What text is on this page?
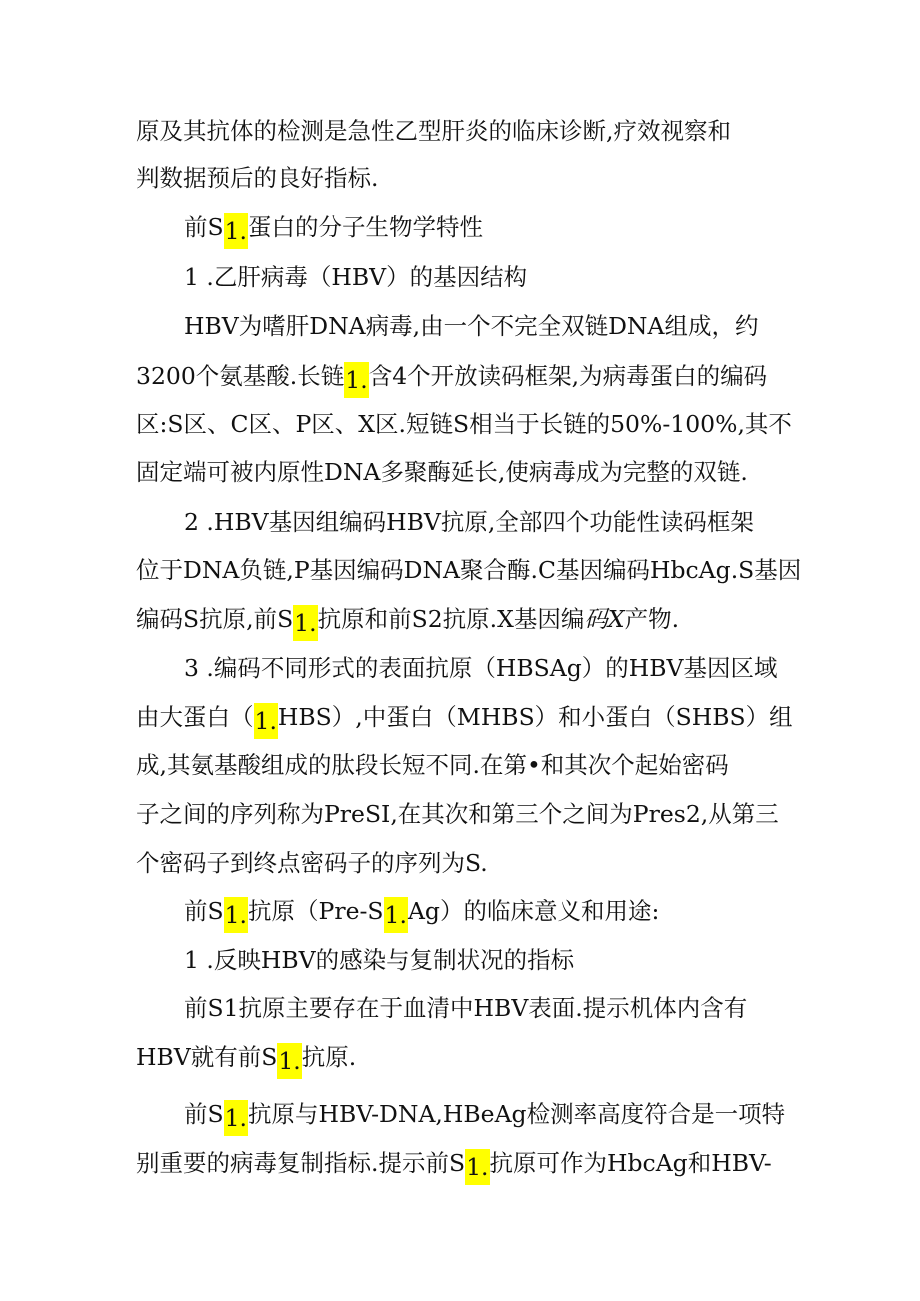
原及其抗体的检测是急性乙型肝炎的临床诊断,疗效视察和
判数据预后的良好指标.
前S1.蛋白的分子生物学特性
1 .乙肝病毒（HBV）的基因结构
HBV为嗜肝DNA病毒,由一个不完全双链DNA组成，约
3200个氨基酸.长链1.含4个开放读码框架,为病毒蛋白的编码
区:S区、C区、P区、X区.短链S相当于长链的50%-100%,其不
固定端可被内原性DNA多聚酶延长,使病毒成为完整的双链.
2 .HBV基因组编码HBV抗原,全部四个功能性读码框架
位于DNA负链,P基因编码DNA聚合酶.C基因编码HbcAg.S基因
编码S抗原,前S1.抗原和前S2抗原.X基因编码X产物.
3 .编码不同形式的表面抗原（HBSAg）的HBV基因区域
由大蛋白（1.HBS）,中蛋白（MHBS）和小蛋白（SHBS）组
成,其氨基酸组成的肽段长短不同.在第•和其次个起始密码
子之间的序列称为PreSI,在其次和第三个之间为Pres2,从第三
个密码子到终点密码子的序列为S.
前S1.抗原（Pre-S1.Ag）的临床意义和用途:
1 .反映HBV的感染与复制状况的指标
前S1抗原主要存在于血清中HBV表面.提示机体内含有
HBV就有前S1.抗原.
前S1.抗原与HBV-DNA,HBeAg检测率高度符合是一项特
别重要的病毒复制指标.提示前S1.抗原可作为HbcAg和HBV-
